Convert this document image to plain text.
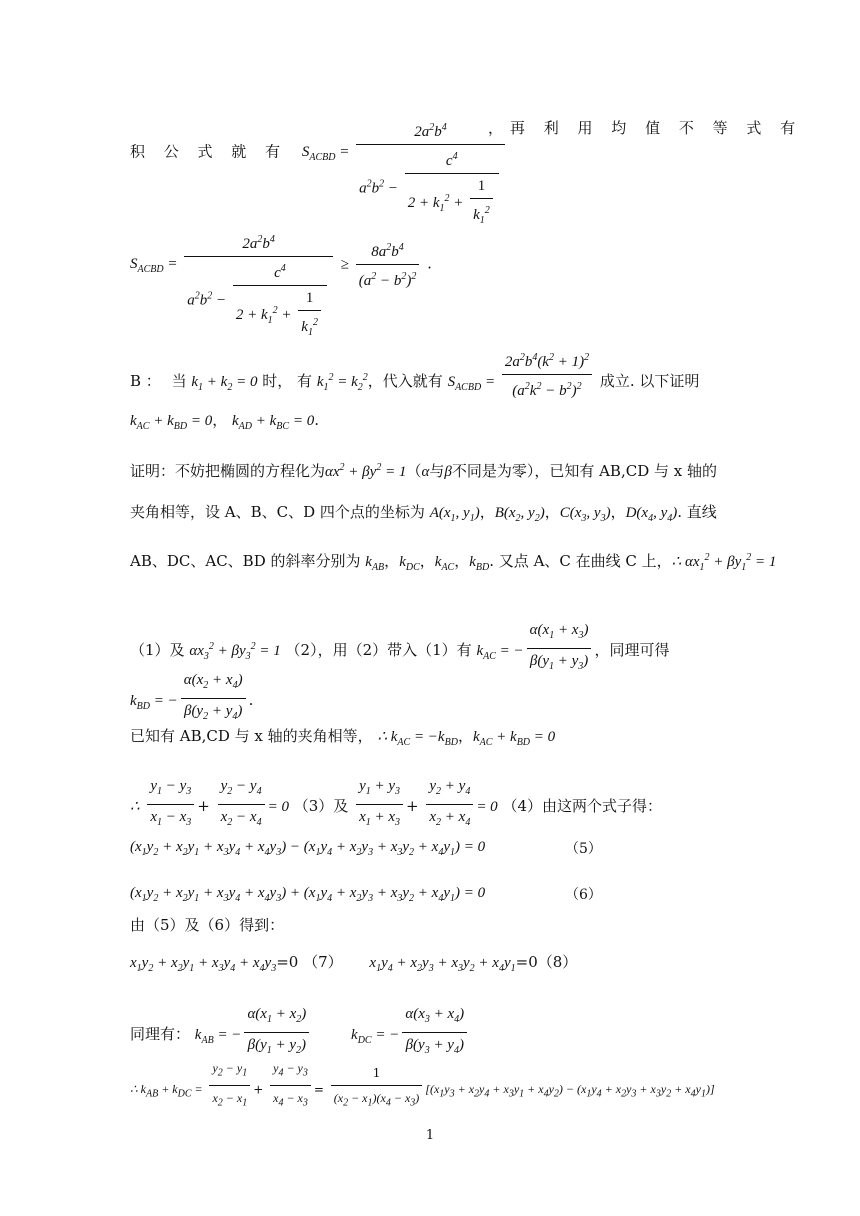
积 公 式 就 有 $S_{ACBD} = \frac{2a^2b^4}{a^2b^2 - \frac{c^4}{2 + k_1^2 + \frac{1}{k_1^2}}}$
，再 利 用 均 值 不 等 式 有
$S_{ACBD} = \frac{2a^2b^4}{a^2b^2 - \frac{c^4}{2 + k_1^2 + \frac{1}{k_1^2}}} \ge \frac{8a^2b^4}{(a^2 - b^2)^2}$ .
B ： 当 $k_1 + k_2 = 0$ 时， 有 $k_1^2 = k_2^2$，代入就有 $S_{ACBD} = \frac{2a^2b^4(k^2 + 1)^2}{(a^2k^2 - b^2)^2}$ 成立. 以下证明
$k_{AC} + k_{BD} = 0$， $k_{AD} + k_{BC} = 0$.
证明：不妨把椭圆的方程化为$\alpha x^2 + \beta y^2 = 1(\alpha$与β不同是为零），已知有 AB,CD 与 x 轴的
夹角相等，设 A、B、C、D 四个点的坐标为 $A(x_1$, $y_1$)，$B(x_2$, $y_2$)，$C(x_3$, $y_3$)，$D(x_4$, $y_4$). 直线
AB、DC、AC、BD 的斜率分别为 $k_{AB}$，$k_{DC}$，$k_{AC}$，$k_{BD}$. 又点 A、C 在曲线 C 上，∴ $\alpha x_1^2 + \beta y_1^2 = 1$
（1）及 $\alpha x_3^2 + \beta y_3^2 = 1$ （2），用（2）带入（1）有 $k_{AC}$ = − $\frac{\alpha(x_1 + x_3)}{\beta(y_1 + y_3)}$ ，同理可得
$k_{BD}$ = − $\frac{\alpha(x_2 + x_4)}{\beta(y_2 + y_4)}$ .
已知有 AB,CD 与 x 轴的夹角相等， ∴ $k_{AC} = -k_{BD}$，$k_{AC} + k_{BD} = 0$
∴ $\frac{y_1 - y_3}{x_1 - x_3} + \frac{y_2 - y_4}{x_2 - x_4} = 0$ （3）及 $\frac{y_1 + y_3}{x_1 + x_3} + \frac{y_2 + y_4}{x_2 + x_4} = 0$ （4）由这两个式子得：
$(x_1y_2 + x_2y_1 + x_3y_4 + x_4y_3) - (x_1y_4 + x_2y_3 + x_3y_2 + x_4y_1) = 0$	（5）
$(x_1y_2 + x_2y_1 + x_3y_4 + x_4y_3) + (x_1y_4 + x_2y_3 + x_3y_2 + x_4y_1) = 0$	（6）
由（5）及（6）得到：
$x_1y_2 + x_2y_1 + x_3y_4 + x_4y_3=0$ （7） $x_1y_4 + x_2y_3 + x_3y_2 + x_4y_1=0(8)$
同理有： $k_{AB}$ = − $\frac{\alpha(x_1 + x_2)}{\beta(y_1 + y_2)}$	$k_{DC}$ = − $\frac{\alpha(x_3 + x_4)}{\beta(y_3 + y_4)}$
∴ $k_{AB} + k_{DC} = \frac{y_2 - y_1}{x_2 - x_1} + \frac{y_4 - y_3}{x_4 - x_3} = \frac{1}{(x_2 - x_1)(x_4 - x_3)} [(x_1y_3 + x_2y_4 + x_3y_1 + x_4y_2) - (x_1y_4 + x_2y_3 + x_3y_2 + x_4y_1)]$
1
